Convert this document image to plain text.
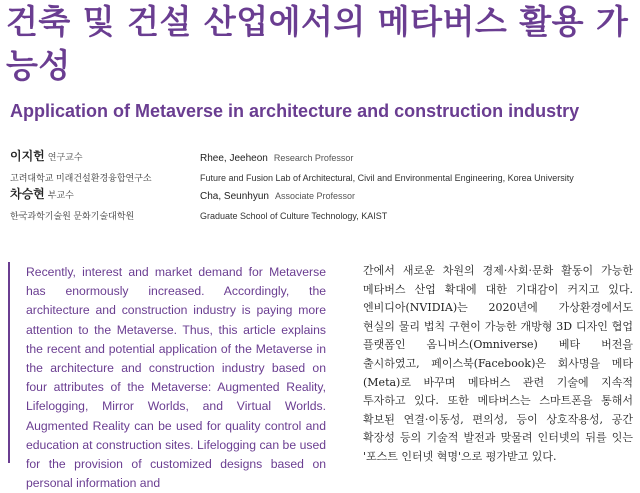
건축 및 건설 산업에서의 메타버스 활용 가능성
Application of Metaverse in architecture and construction industry
이지헌 연구교수
고려대학교 미래건설환경융합연구소
Rhee, Jeeheon Research Professor
Future and Fusion Lab of Architectural, Civil and Environmental Engineering, Korea University
차승현 부교수
한국과학기술원 문화기술대학원
Cha, Seunhyun Associate Professor
Graduate School of Culture Technology, KAIST

Recently, interest and market demand for Metaverse has enormously increased. Accordingly, the architecture and construction industry is paying more attention to the Metaverse. Thus, this article explains the recent and potential application of the Metaverse in the architecture and construction industry based on four attributes of the Metaverse: Augmented Reality, Lifelogging, Mirror Worlds, and Virtual Worlds. Augmented Reality can be used for quality control and education at construction sites. Lifelogging can be used for the provision of customized designs based on personal information and

간에서 새로운 차원의 경제·사회·문화 활동이 가능한 메타버스 산업 확대에 대한 기대감이 커지고 있다. 엔비디아(NVIDIA)는 2020년에 가상환경에서도 현실의 물리 법칙 구현이 가능한 개방형 3D 디자인 협업 플랫폼인 옴니버스(Omniverse) 베타 버전을 출시하였고, 페이스북(Facebook)은 회사명을 메타(Meta)로 바꾸며 메타버스 관련 기술에 지속적 투자하고 있다. 또한 메타버스는 스마트폰을 통해서 확보된 연결·이동성, 편의성, 등이 상호작용성, 공간 확장성 등의 기술적 발전과 맞물려 인터넷의 뒤를 잇는 '포스트 인터넷 혁명'으로 평가받고 있다.
